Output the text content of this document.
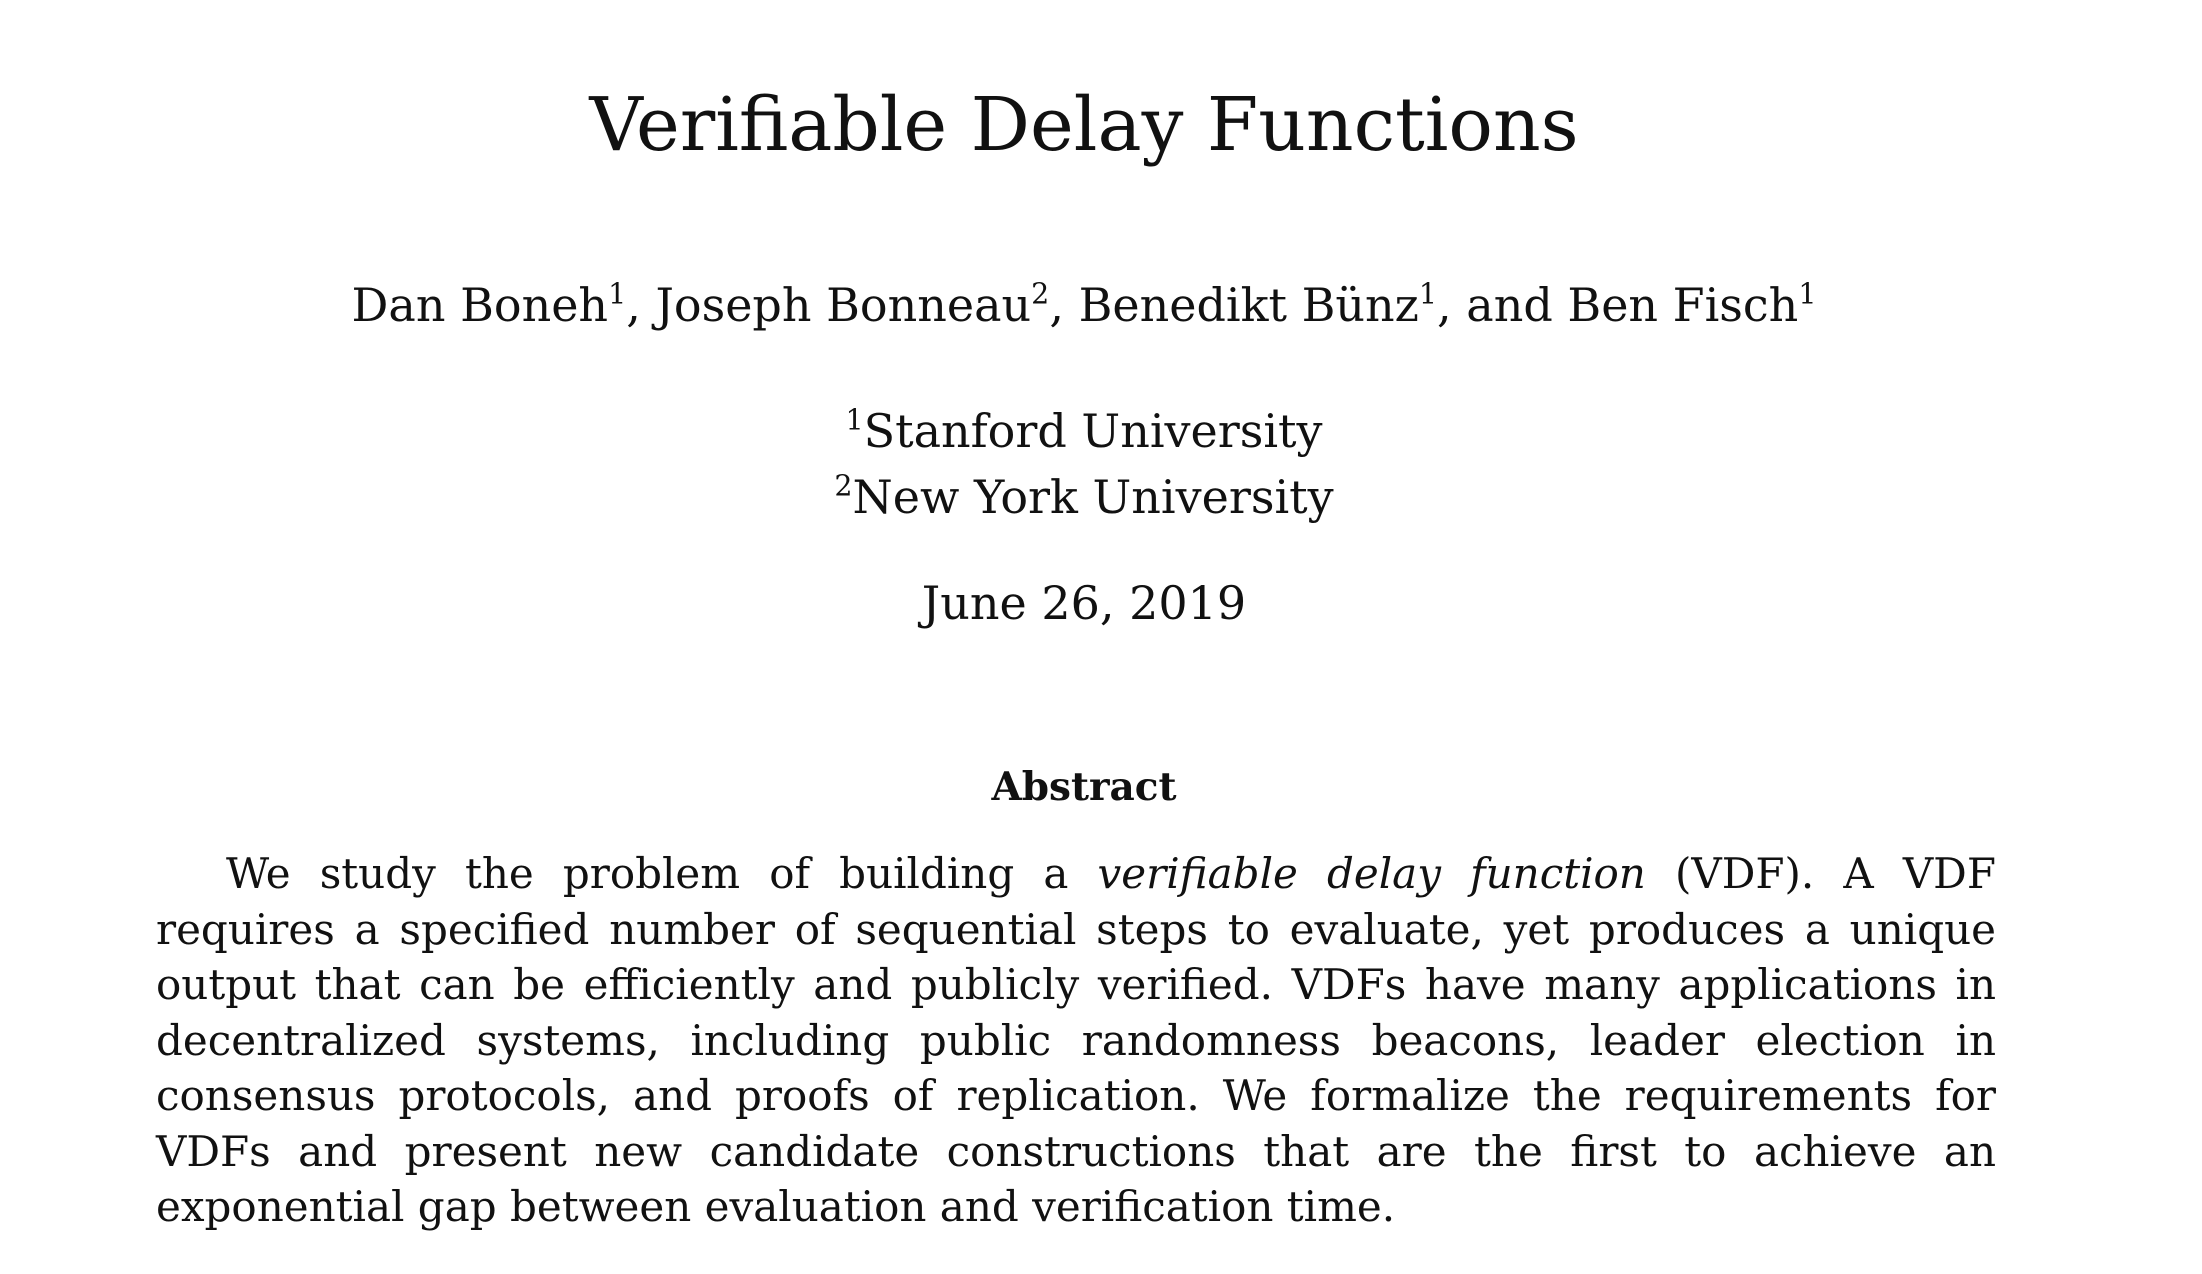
Verifiable Delay Functions
Dan Boneh$^1$, Joseph Bonneau$^2$, Benedikt Bünz$^1$, and Ben Fisch$^1$
$^1$Stanford University
$^2$New York University
June 26, 2019
Abstract

We study the problem of building a verifiable delay function (VDF). A VDF requires a specified number of sequential steps to evaluate, yet produces a unique output that can be efficiently and publicly verified. VDFs have many applications in decentralized systems, including public randomness beacons, leader election in consensus protocols, and proofs of replication. We formalize the requirements for VDFs and present new candidate constructions that are the first to achieve an exponential gap between evaluation and verification time.
